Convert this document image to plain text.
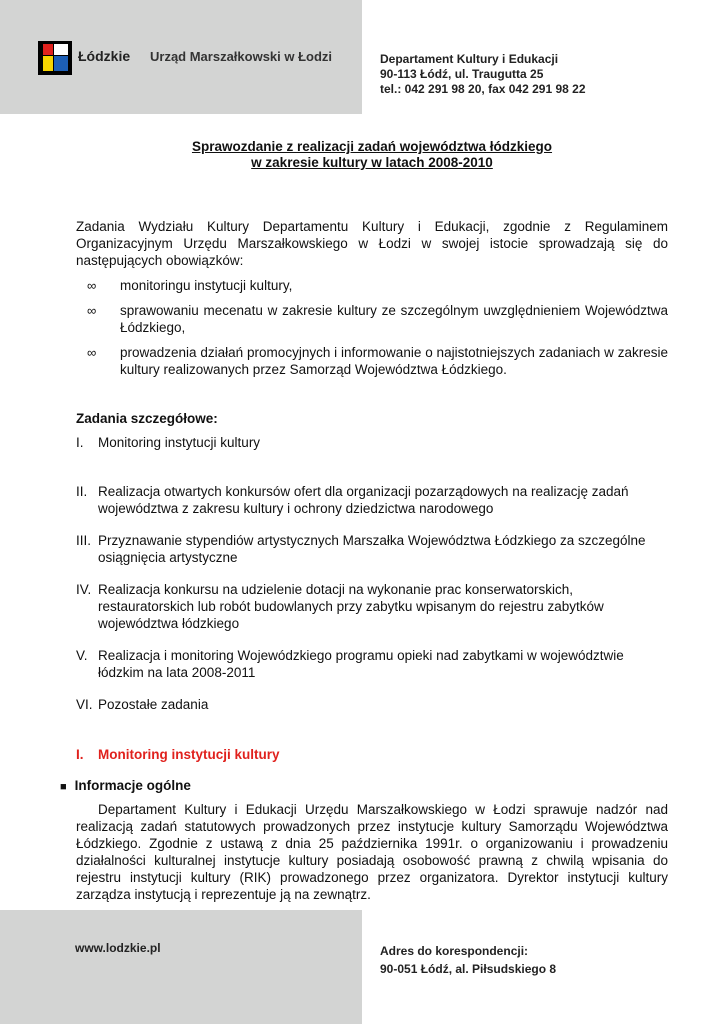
Łódzkie Urząd Marszałkowski w Łodzi	Departament Kultury i Edukacji
90-113 Łódź, ul. Traugutta 25
tel.: 042 291 98 20, fax 042 291 98 22
Sprawozdanie z realizacji zadań województwa łódzkiego
w zakresie kultury w latach 2008-2010
Zadania Wydziału Kultury Departamentu Kultury i Edukacji, zgodnie z Regulaminem Organizacyjnym Urzędu Marszałkowskiego w Łodzi w swojej istocie sprowadzają się do następujących obowiązków:
∞ monitoringu instytucji kultury,
∞ sprawowaniu mecenatu w zakresie kultury ze szczególnym uwzględnieniem Województwa Łódzkiego,
∞ prowadzenia działań promocyjnych i informowanie o najistotniejszych zadaniach w zakresie kultury realizowanych przez Samorząd Województwa Łódzkiego.
Zadania szczegółowe:
I. Monitoring instytucji kultury
II. Realizacja otwartych konkursów ofert dla organizacji pozarządowych na realizację zadań województwa z zakresu kultury i ochrony dziedzictwa narodowego
III. Przyznawanie stypendiów artystycznych Marszałka Województwa Łódzkiego za szczególne osiągnięcia artystyczne
IV. Realizacja konkursu na udzielenie dotacji na wykonanie prac konserwatorskich, restauratorskich lub robót budowlanych przy zabytku wpisanym do rejestru zabytków województwa łódzkiego
V. Realizacja i monitoring Wojewódzkiego programu opieki nad zabytkami w województwie łódzkim na lata 2008-2011
VI. Pozostałe zadania
I. Monitoring instytucji kultury
■ Informacje ogólne
Departament Kultury i Edukacji Urzędu Marszałkowskiego w Łodzi sprawuje nadzór nad realizacją zadań statutowych prowadzonych przez instytucje kultury Samorządu Województwa Łódzkiego. Zgodnie z ustawą z dnia 25 października 1991r. o organizowaniu i prowadzeniu działalności kulturalnej instytucje kultury posiadają osobowość prawną z chwilą wpisania do rejestru instytucji kultury (RIK) prowadzonego przez organizatora. Dyrektor instytucji kultury zarządza instytucją i reprezentuje ją na zewnątrz.
www.lodzkie.pl	Adres do korespondencji:
90-051 Łódź, al. Piłsudskiego 8
